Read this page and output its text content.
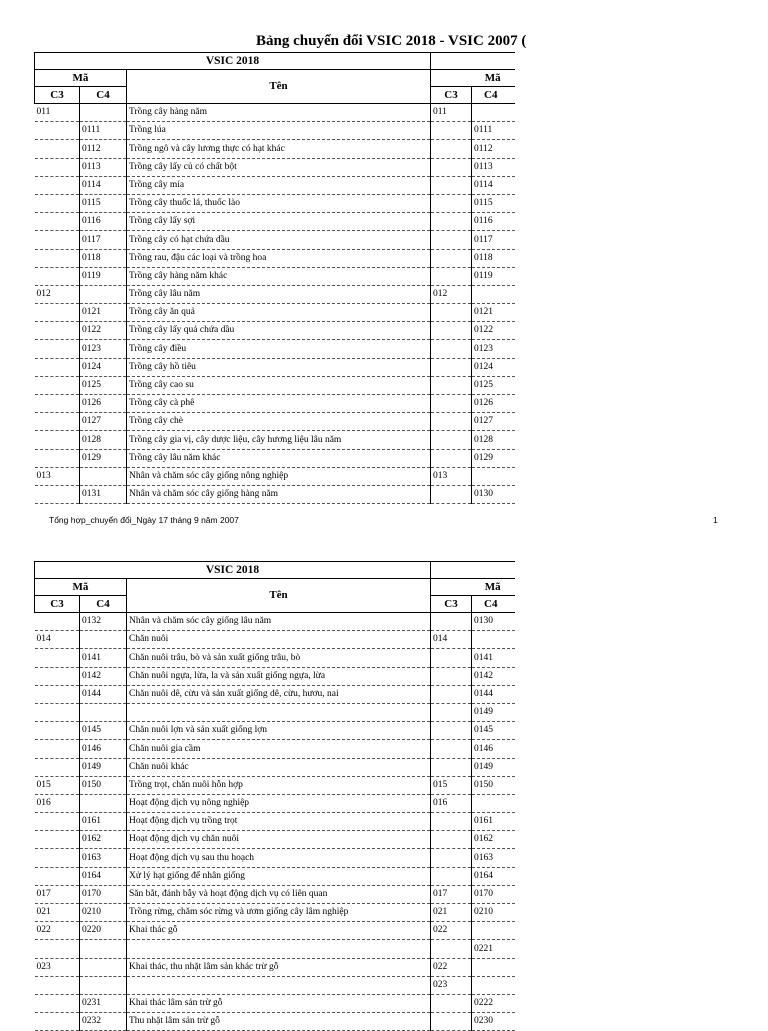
Bảng chuyển đổi VSIC 2018 - VSIC 2007 (
VSIC 2018				
Mã		Tên	Mã	
C3	C4		C3	C4
011		Trồng cây hàng năm	011	
	0111	Trồng lúa		0111
	0112	Trồng ngô và cây lương thực có hạt khác		0112
	0113	Trồng cây lấy củ có chất bột		0113
	0114	Trồng cây mía		0114
	0115	Trồng cây thuốc lá, thuốc lào		0115
	0116	Trồng cây lấy sợi		0116
	0117	Trồng cây có hạt chứa dầu		0117
	0118	Trồng rau, đậu các loại và trồng hoa		0118
	0119	Trồng cây hàng năm khác		0119
012		Trồng cây lâu năm	012	
	0121	Trồng cây ăn quả		0121
	0122	Trồng cây lấy quả chứa dầu		0122
	0123	Trồng cây điều		0123
	0124	Trồng cây hồ tiêu		0124
	0125	Trồng cây cao su		0125
	0126	Trồng cây cà phê		0126
	0127	Trồng cây chè		0127
	0128	Trồng cây gia vị, cây dược liệu, cây hương liệu lâu năm		0128
	0129	Trồng cây lâu năm khác		0129
013		Nhân và chăm sóc cây giống nông nghiệp	013	
	0131	Nhân và chăm sóc cây giống hàng năm		0130
Tổng hợp_chuyển đổi_Ngày 17 tháng 9 năm 2007	1
VSIC 2018				
Mã		Tên	Mã	
C3	C4		C3	C4
	0132	Nhân và chăm sóc cây giống lâu năm		0130
014		Chăn nuôi	014	
	0141	Chăn nuôi trâu, bò và sản xuất giống trâu, bò		0141
	0142	Chăn nuôi ngựa, lừa, la và sản xuất giống ngựa, lừa		0142
	0144	Chăn nuôi dê, cừu và sản xuất giống dê, cừu, hươu, nai		0144
				0149
	0145	Chăn nuôi lợn và sản xuất giống lợn		0145
	0146	Chăn nuôi gia cầm		0146
	0149	Chăn nuôi khác		0149
015	0150	Trồng trọt, chăn nuôi hỗn hợp	015	0150
016		Hoạt động dịch vụ nông nghiệp	016	
	0161	Hoạt động dịch vụ trồng trọt		0161
	0162	Hoạt động dịch vụ chăn nuôi		0162
	0163	Hoạt động dịch vụ sau thu hoạch		0163
	0164	Xử lý hạt giống để nhân giống		0164
017	0170	Săn bắt, đánh bẫy và hoạt động dịch vụ có liên quan	017	0170
021	0210	Trồng rừng, chăm sóc rừng và ươm giống cây lâm nghiệp	021	0210
022	0220	Khai thác gỗ	022	
				0221
023		Khai thác, thu nhặt lâm sản khác trừ gỗ	022	
			023	
	0231	Khai thác lâm sản trừ gỗ		0222
	0232	Thu nhặt lâm sản trừ gỗ		0230
